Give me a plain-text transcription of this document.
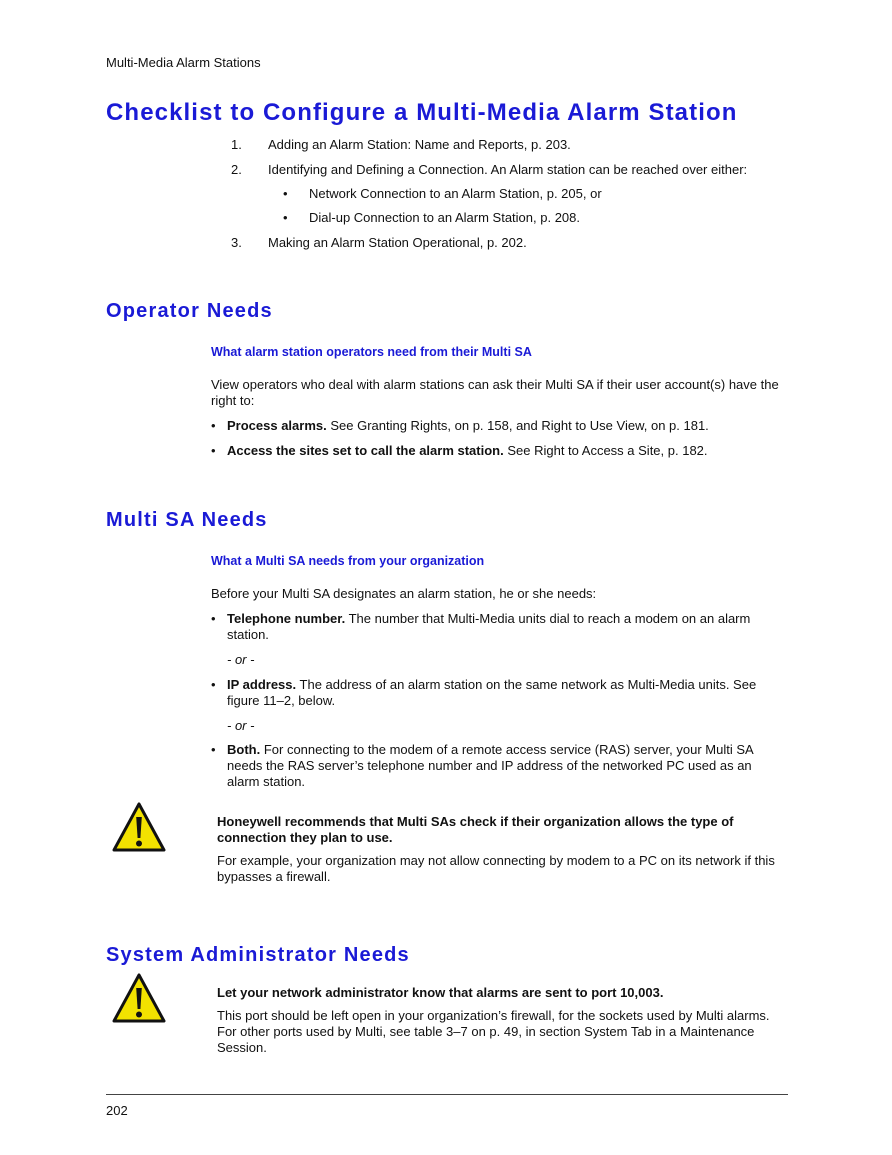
Multi-Media Alarm Stations
Checklist to Configure a Multi-Media Alarm Station
1. Adding an Alarm Station: Name and Reports, p. 203.
2. Identifying and Defining a Connection. An Alarm station can be reached over either:
• Network Connection to an Alarm Station, p. 205, or
• Dial-up Connection to an Alarm Station, p. 208.
3. Making an Alarm Station Operational, p. 202.
Operator Needs
What alarm station operators need from their Multi SA

View operators who deal with alarm stations can ask their Multi SA if their user account(s) have the right to:

• Process alarms. See Granting Rights, on p. 158, and Right to Use View, on p. 181.
• Access the sites set to call the alarm station. See Right to Access a Site, p. 182.
Multi SA Needs
What a Multi SA needs from your organization

Before your Multi SA designates an alarm station, he or she needs:

• Telephone number. The number that Multi-Media units dial to reach a modem on an alarm station.
- or -
• IP address. The address of an alarm station on the same network as Multi-Media units. See figure 11–2, below.
- or -
• Both. For connecting to the modem of a remote access service (RAS) server, your Multi SA needs the RAS server’s telephone number and IP address of the networked PC used as an alarm station.

Honeywell recommends that Multi SAs check if their organization allows the type of connection they plan to use.

For example, your organization may not allow connecting by modem to a PC on its network if this bypasses a firewall.

System Administrator Needs

Let your network administrator know that alarms are sent to port 10,003.

This port should be left open in your organization’s firewall, for the sockets used by Multi alarms. For other ports used by Multi, see table 3–7 on p. 49, in section System Tab in a Maintenance Session.

202
